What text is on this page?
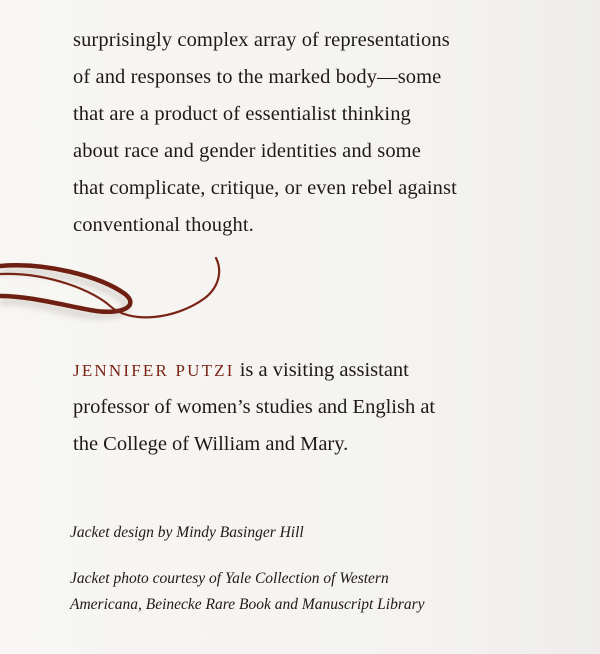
surprisingly complex array of representations
of and responses to the marked body—some
that are a product of essentialist thinking
about race and gender identities and some
that complicate, critique, or even rebel against
conventional thought.
JENNIFER PUTZI is a visiting assistant
professor of women’s studies and English at
the College of William and Mary.
Jacket design by Mindy Basinger Hill
Jacket photo courtesy of Yale Collection of Western
Americana, Beinecke Rare Book and Manuscript Library
